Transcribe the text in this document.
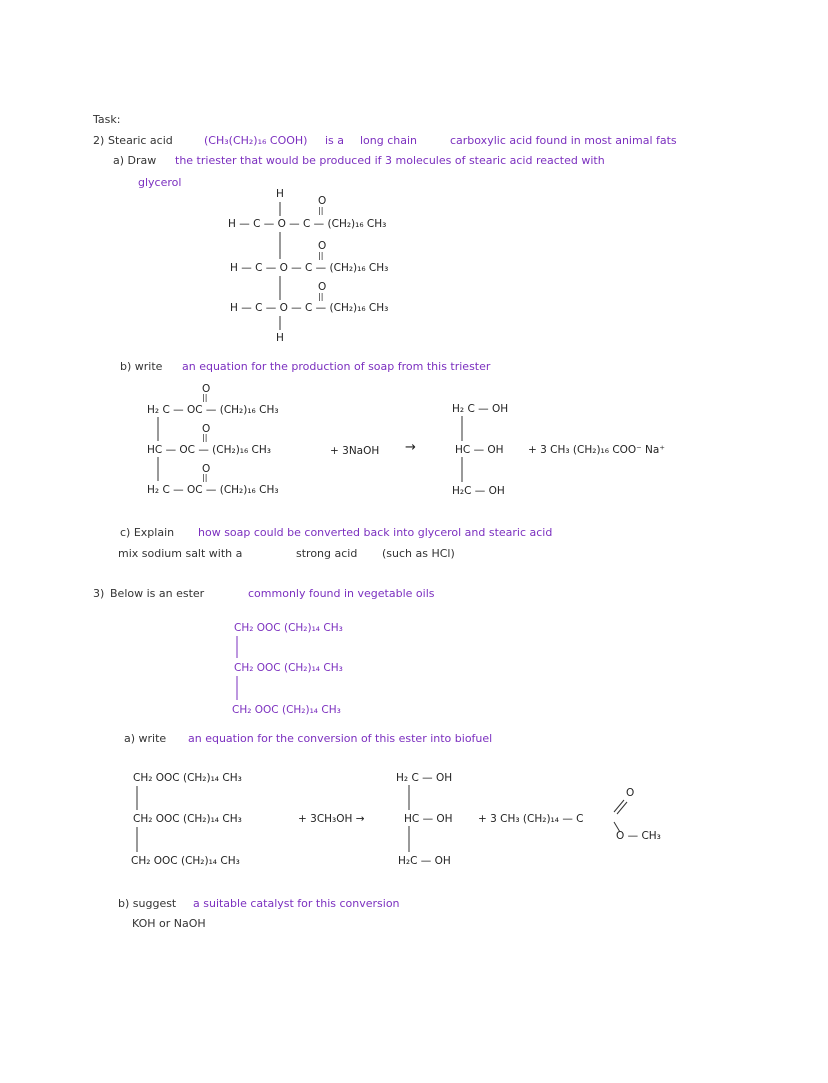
Task:
2) Stearic acid	(CH₃(CH₂)₁₆ COOH) is a long chain	carboxylic acid found in most animal fats
a) Draw the triester that would be produced if 3 molecules of stearic acid reacted with
glycerol
H
O
||
H — C — O — C — (CH₂)₁₆ CH₃
O
||
H — C — O — C — (CH₂)₁₆ CH₃
O
||
H — C — O — C — (CH₂)₁₆ CH₃
H
b) write an equation for the production of soap from this triester
O
||
H₂ C — OC — (CH₂)₁₆ CH₃
O
||
HC — OC — (CH₂)₁₆ CH₃
O
||
H₂ C — OC — (CH₂)₁₆ CH₃
+ 3NaOH →
H₂ C — OH
HC — OH
H₂C — OH
+ 3 CH₃ (CH₂)₁₆ COO⁻ Na⁺
c) Explain how soap could be converted back into glycerol and stearic acid
mix sodium salt with a	strong acid (such as HCl)
3) Below is an ester	commonly found in vegetable oils
CH₂ OOC (CH₂)₁₄ CH₃
CH₂ OOC (CH₂)₁₄ CH₃
CH₂ OOC (CH₂)₁₄ CH₃
a) write an equation for the conversion of this ester into biofuel
CH₂ OOC (CH₂)₁₄ CH₃
CH₂ OOC (CH₂)₁₄ CH₃
CH₂ OOC (CH₂)₁₄ CH₃
+ 3CH₃OH →
H₂ C — OH
HC — OH
H₂C — OH
+ 3 CH₃ (CH₂)₁₄ — C
O
O — CH₃
b) suggest a suitable catalyst for this conversion
KOH or NaOH
